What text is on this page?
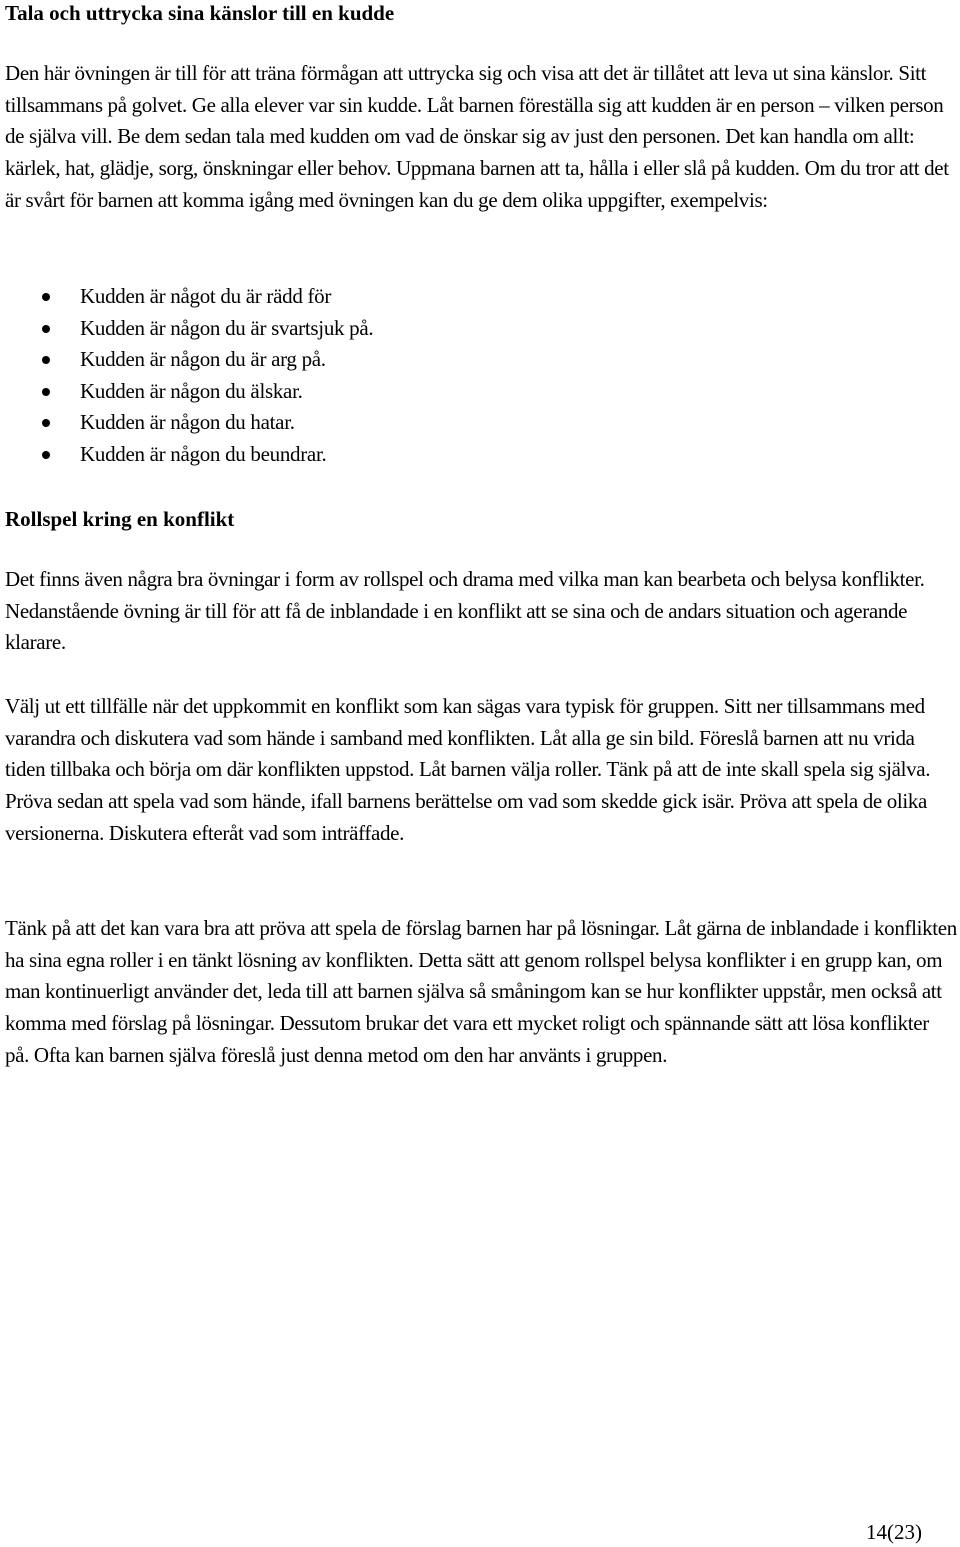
Tala och uttrycka sina känslor till en kudde

Den här övningen är till för att träna förmågan att uttrycka sig och visa att det är tillåtet att leva ut sina känslor. Sitt tillsammans på golvet. Ge alla elever var sin kudde. Låt barnen föreställa sig att kudden är en person – vilken person de själva vill. Be dem sedan tala med kudden om vad de önskar sig av just den personen. Det kan handla om allt: kärlek, hat, glädje, sorg, önskningar eller behov. Uppmana barnen att ta, hålla i eller slå på kudden. Om du tror att det är svårt för barnen att komma igång med övningen kan du ge dem olika uppgifter, exempelvis:

Kudden är något du är rädd för
Kudden är någon du är svartsjuk på.
Kudden är någon du är arg på.
Kudden är någon du älskar.
Kudden är någon du hatar.
Kudden är någon du beundrar.
Rollspel kring en konflikt

Det finns även några bra övningar i form av rollspel och drama med vilka man kan bearbeta och belysa konflikter. Nedanstående övning är till för att få de inblandade i en konflikt att se sina och de andars situation och agerande klarare.

Välj ut ett tillfälle när det uppkommit en konflikt som kan sägas vara typisk för gruppen. Sitt ner tillsammans med varandra och diskutera vad som hände i samband med konflikten. Låt alla ge sin bild. Föreslå barnen att nu vrida tiden tillbaka och börja om där konflikten uppstod. Låt barnen välja roller. Tänk på att de inte skall spela sig själva. Pröva sedan att spela vad som hände, ifall barnens berättelse om vad som skedde gick isär. Pröva att spela de olika versionerna. Diskutera efteråt vad som inträffade.

Tänk på att det kan vara bra att pröva att spela de förslag barnen har på lösningar. Låt gärna de inblandade i konflikten ha sina egna roller i en tänkt lösning av konflikten. Detta sätt att genom rollspel belysa konflikter i en grupp kan, om man kontinuerligt använder det, leda till att barnen själva så småningom kan se hur konflikter uppstår, men också att komma med förslag på lösningar. Dessutom brukar det vara ett mycket roligt och spännande sätt att lösa konflikter på. Ofta kan barnen själva föreslå just denna metod om den har använts i gruppen.

14(23)
